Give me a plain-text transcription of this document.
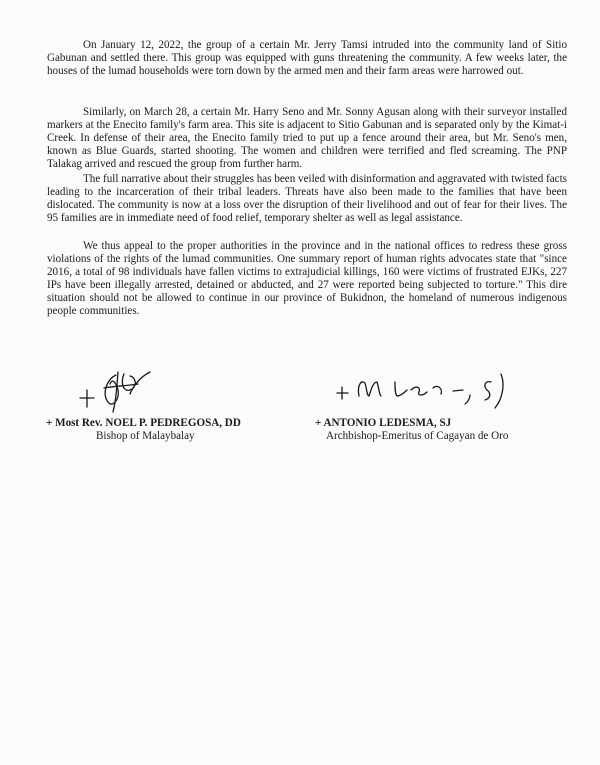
On January 12, 2022, the group of a certain Mr. Jerry Tamsi intruded into the community land of Sitio Gabunan and settled there. This group was equipped with guns threatening the community. A few weeks later, the houses of the lumad households were torn down by the armed men and their farm areas were harrowed out.

Similarly, on March 28, a certain Mr. Harry Seno and Mr. Sonny Agusan along with their surveyor installed markers at the Enecito family's farm area. This site is adjacent to Sitio Gabunan and is separated only by the Kimat-i Creek. In defense of their area, the Enecito family tried to put up a fence around their area, but Mr. Seno's men, known as Blue Guards, started shooting. The women and children were terrified and fled screaming. The PNP Talakag arrived and rescued the group from further harm.

The full narrative about their struggles has been veiled with disinformation and aggravated with twisted facts leading to the incarceration of their tribal leaders. Threats have also been made to the families that have been dislocated. The community is now at a loss over the disruption of their livelihood and out of fear for their lives. The 95 families are in immediate need of food relief, temporary shelter as well as legal assistance.

We thus appeal to the proper authorities in the province and in the national offices to redress these gross violations of the rights of the lumad communities. One summary report of human rights advocates state that "since 2016, a total of 98 individuals have fallen victims to extrajudicial killings, 160 were victims of frustrated EJKs, 227 IPs have been illegally arrested, detained or abducted, and 27 were reported being subjected to torture." This dire situation should not be allowed to continue in our province of Bukidnon, the homeland of numerous indigenous people communities.

+ Most Rev. NOEL P. PEDREGOSA, DD
Bishop of Malaybalay
+ ANTONIO LEDESMA, SJ
Archbishop-Emeritus of Cagayan de Oro
